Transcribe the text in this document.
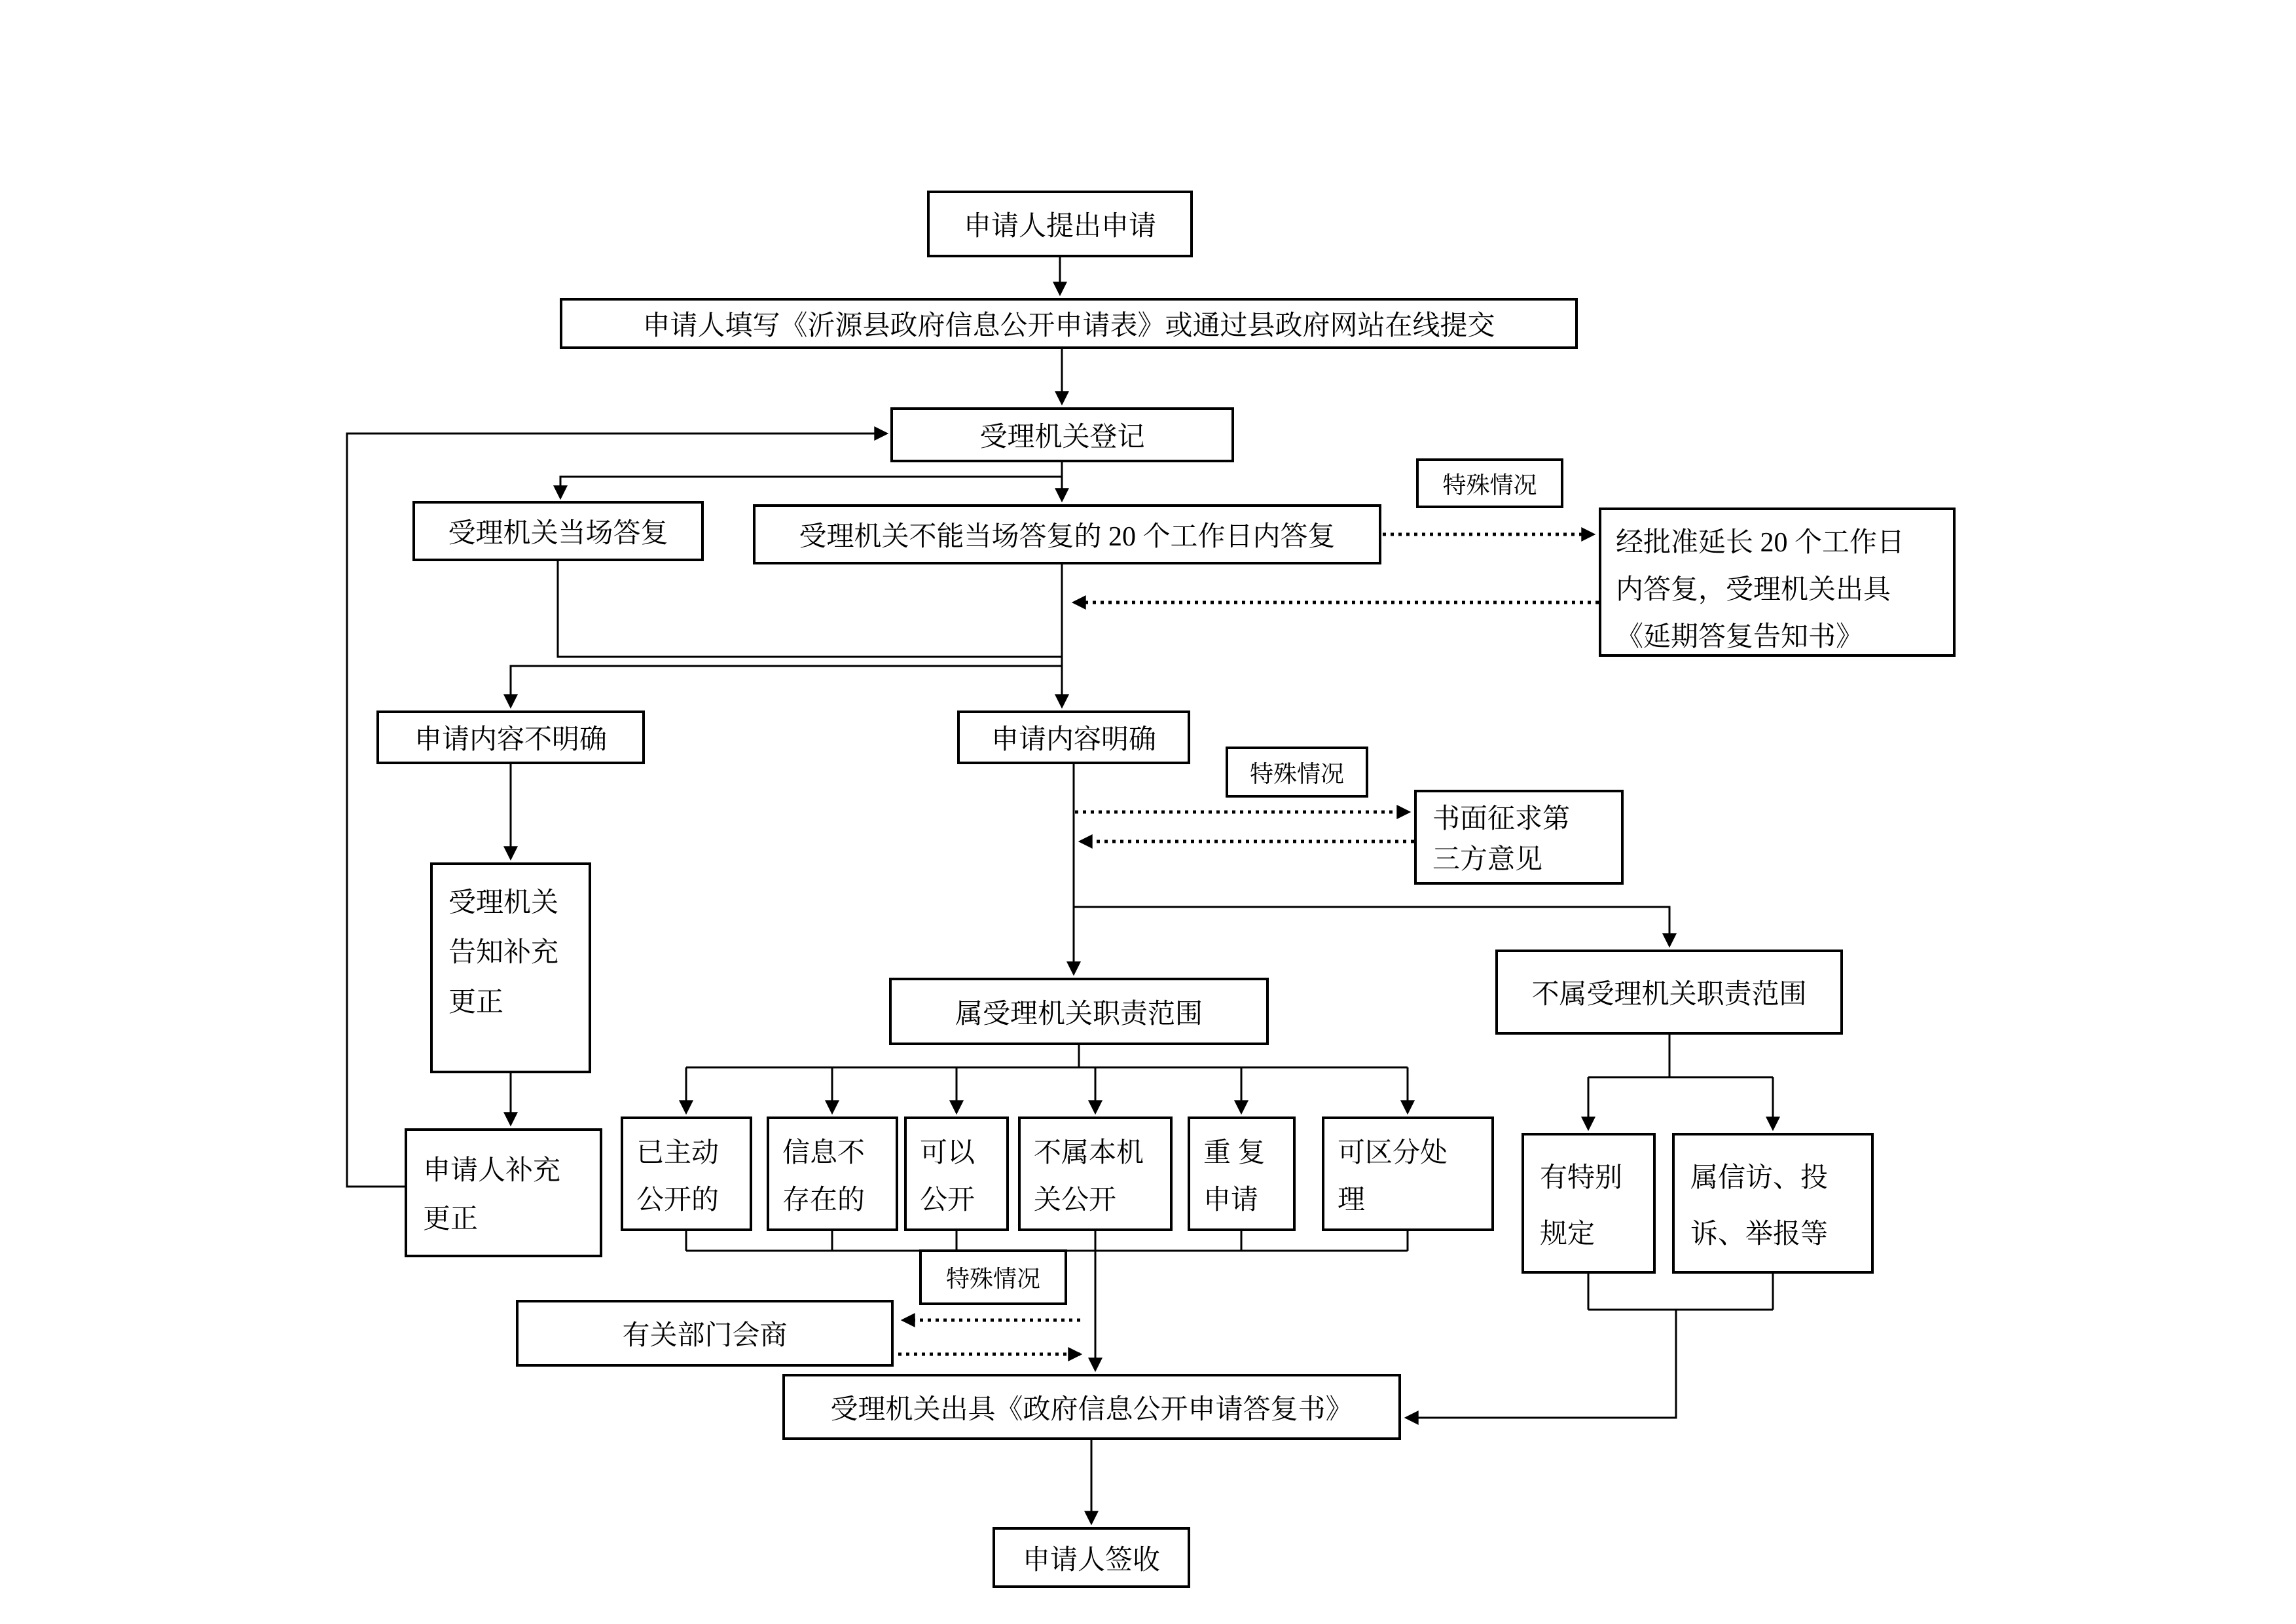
申请人提出申请
申请人填写《沂源县政府信息公开申请表》或通过县政府网站在线提交
受理机关登记
受理机关当场答复	受理机关不能当场答复的 20 个工作日内答复
特殊情况
经批准延长 20 个工作日
内答复，受理机关出具
《延期答复告知书》
申请内容不明确	申请内容明确
特殊情况
书面征求第
三方意见
属受理机关职责范围
不属受理机关职责范围
受理机关
告知补充
更正
申请人补充
更正
已主动
公开的
信息不
存在的
可以
公开
不属本机
关公开
重 复
申请
可区分处
理
有特别
规定
属信访、投
诉、举报等
特殊情况
有关部门会商
受理机关出具《政府信息公开申请答复书》
申请人签收
